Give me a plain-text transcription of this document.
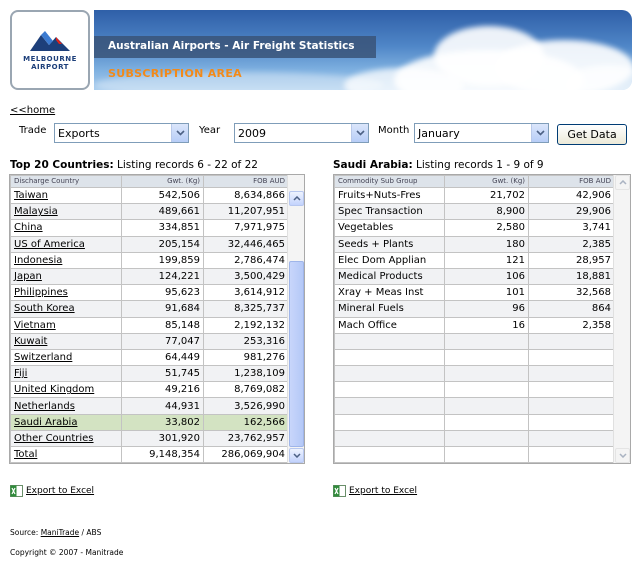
MELBOURNE
AIRPORT
Australian Airports - Air Freight Statistics
SUBSCRIPTION AREA
<<home
Trade	Exports	Year	2009	Month January	Get Data
Top 20 Countries: Listing records 6 - 22 of 22
Discharge Country	Gwt. (Kg)	FOB AUD
Taiwan	542,506	8,634,866
Malaysia	489,661	11,207,951
China	334,851	7,971,975
US of America	205,154	32,446,465
Indonesia	199,859	2,786,474
Japan	124,221	3,500,429
Philippines	95,623	3,614,912
South Korea	91,684	8,325,737
Vietnam	85,148	2,192,132
Kuwait	77,047	253,316
Switzerland	64,449	981,276
Fiji	51,745	1,238,109
United Kingdom	49,216	8,769,082
Netherlands	44,931	3,526,990
Saudi Arabia	33,802	162,566
Other Countries	301,920	23,762,957
Total	9,148,354	286,069,904
Export to Excel
Saudi Arabia: Listing records 1 - 9 of 9
Commodity Sub Group	Gwt. (Kg)	FOB AUD
Fruits+Nuts-Fres	21,702	42,906
Spec Transaction	8,900	29,906
Vegetables	2,580	3,741
Seeds + Plants	180	2,385
Elec Dom Applian	121	28,957
Medical Products	106	18,881
Xray + Meas Inst	101	32,568
Mineral Fuels	96	864
Mach Office	16	2,358

Export to Excel
Source: ManiTrade / ABS
Copyright © 2007 - Manitrade
